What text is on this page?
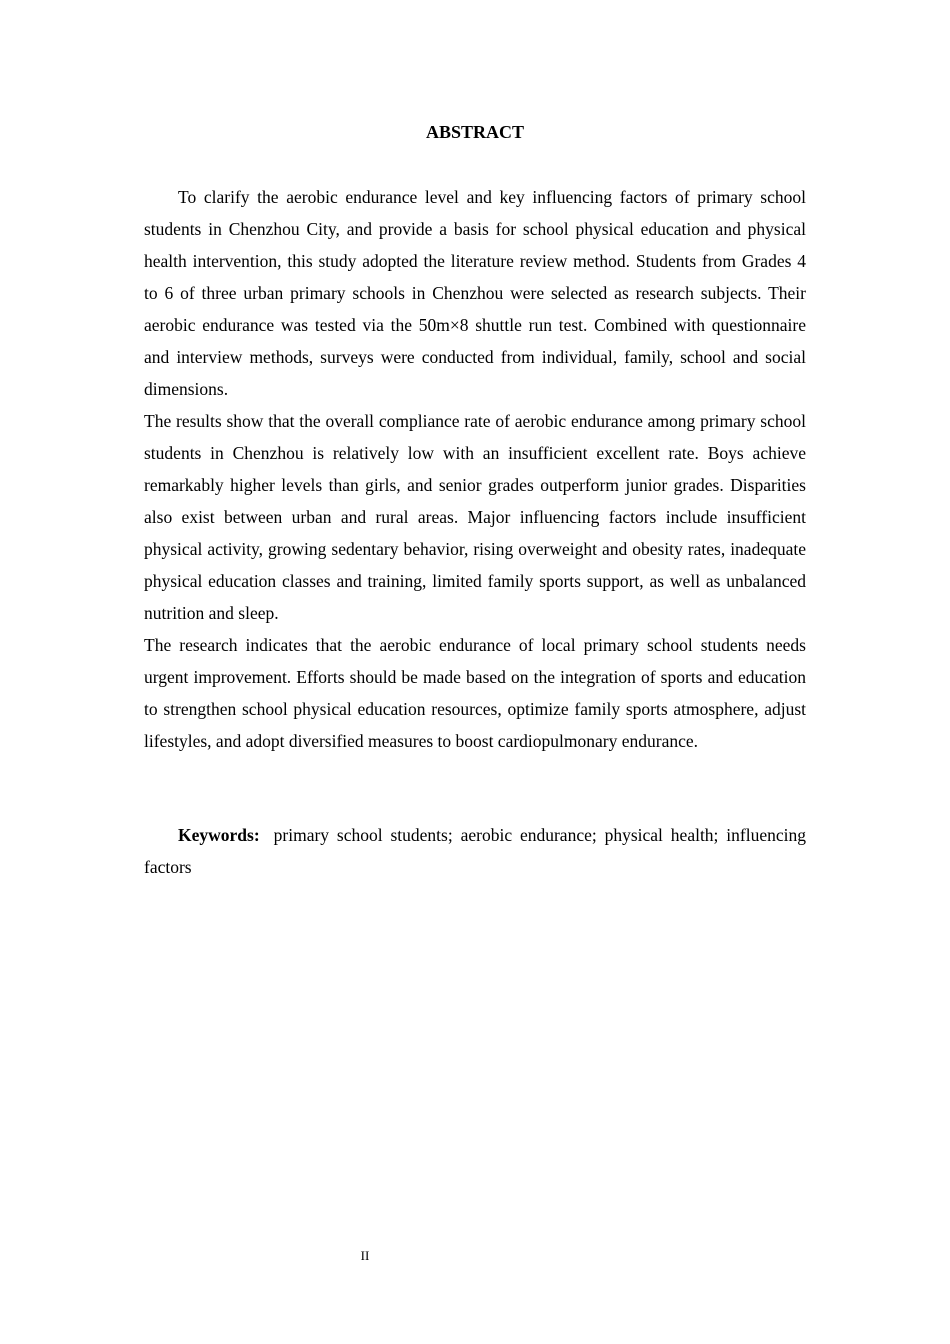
ABSTRACT

To clarify the aerobic endurance level and key influencing factors of primary school students in Chenzhou City, and provide a basis for school physical education and physical health intervention, this study adopted the literature review method. Students from Grades 4 to 6 of three urban primary schools in Chenzhou were selected as research subjects. Their aerobic endurance was tested via the 50m×8 shuttle run test. Combined with questionnaire and interview methods, surveys were conducted from individual, family, school and social dimensions.

The results show that the overall compliance rate of aerobic endurance among primary school students in Chenzhou is relatively low with an insufficient excellent rate. Boys achieve remarkably higher levels than girls, and senior grades outperform junior grades. Disparities also exist between urban and rural areas. Major influencing factors include insufficient physical activity, growing sedentary behavior, rising overweight and obesity rates, inadequate physical education classes and training, limited family sports support, as well as unbalanced nutrition and sleep.

The research indicates that the aerobic endurance of local primary school students needs urgent improvement. Efforts should be made based on the integration of sports and education to strengthen school physical education resources, optimize family sports atmosphere, adjust lifestyles, and adopt diversified measures to boost cardiopulmonary endurance.

Keywords: primary school students; aerobic endurance; physical health; influencing factors
II
